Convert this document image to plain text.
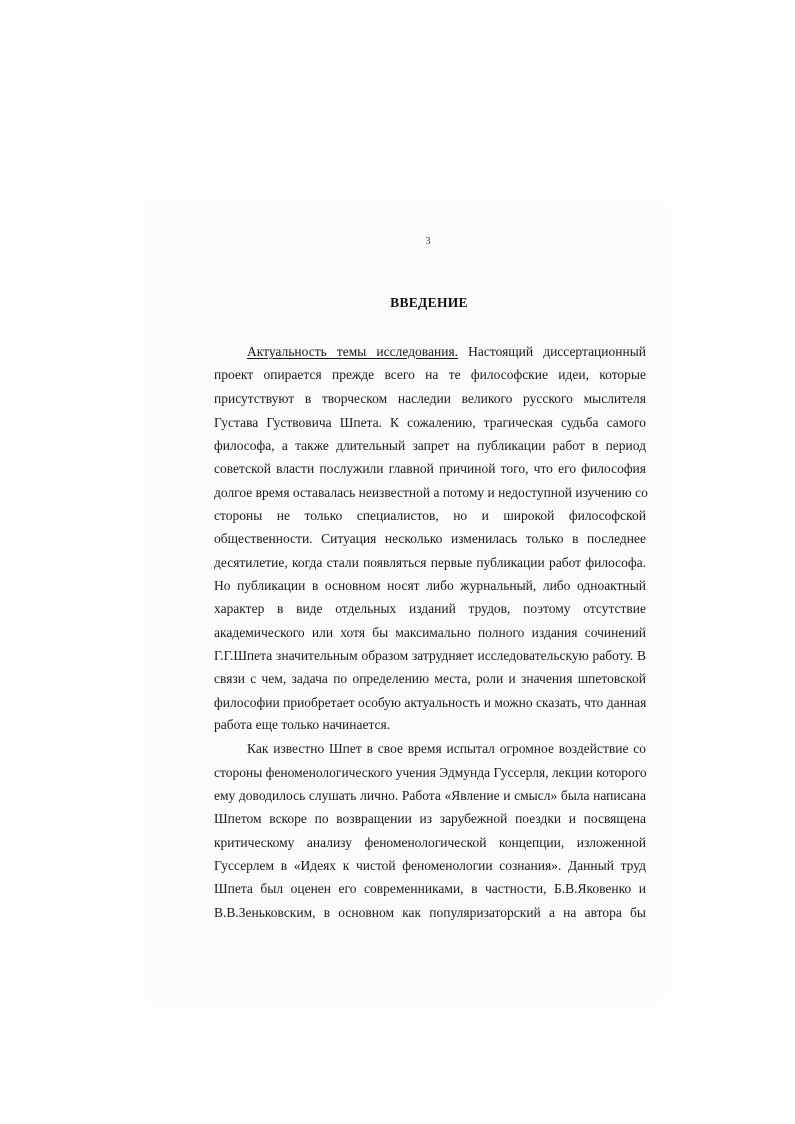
3
ВВЕДЕНИЕ
Актуальность темы исследования. Настоящий диссертационный
проект опирается прежде всего на те философские идеи, которые
присутствуют в творческом наследии великого русского мыслителя
Густава Густвовича Шпета. К сожалению, трагическая судьба самого
философа, а также длительный запрет на публикации работ в период
советской власти послужили главной причиной того, что его философия
долгое время оставалась неизвестной а потому и недоступной изучению со
стороны не только специалистов, но и широкой философской
общественности. Ситуация несколько изменилась только в последнее
десятилетие, когда стали появляться первые публикации работ философа.
Но публикации в основном носят либо журнальный, либо одноактный
характер в виде отдельных изданий трудов, поэтому отсутствие
академического или хотя бы максимально полного издания сочинений
Г.Г.Шпета значительным образом затрудняет исследовательскую работу. В
связи с чем, задача по определению места, роли и значения шпетовской
философии приобретает особую актуальность и можно сказать, что данная
работа еще только начинается.
Как известно Шпет в свое время испытал огромное воздействие со
стороны феноменологического учения Эдмунда Гуссерля, лекции которого
ему доводилось слушать лично. Работа «Явление и смысл» была написана
Шпетом вскоре по возвращении из зарубежной поездки и посвящена
критическому анализу феноменологической концепции, изложенной
Гуссерлем в «Идеях к чистой феноменологии сознания». Данный труд
Шпета был оценен его современниками, в частности, Б.В.Яковенко и
В.В.Зеньковским, в основном как популяризаторский а на автора бы
